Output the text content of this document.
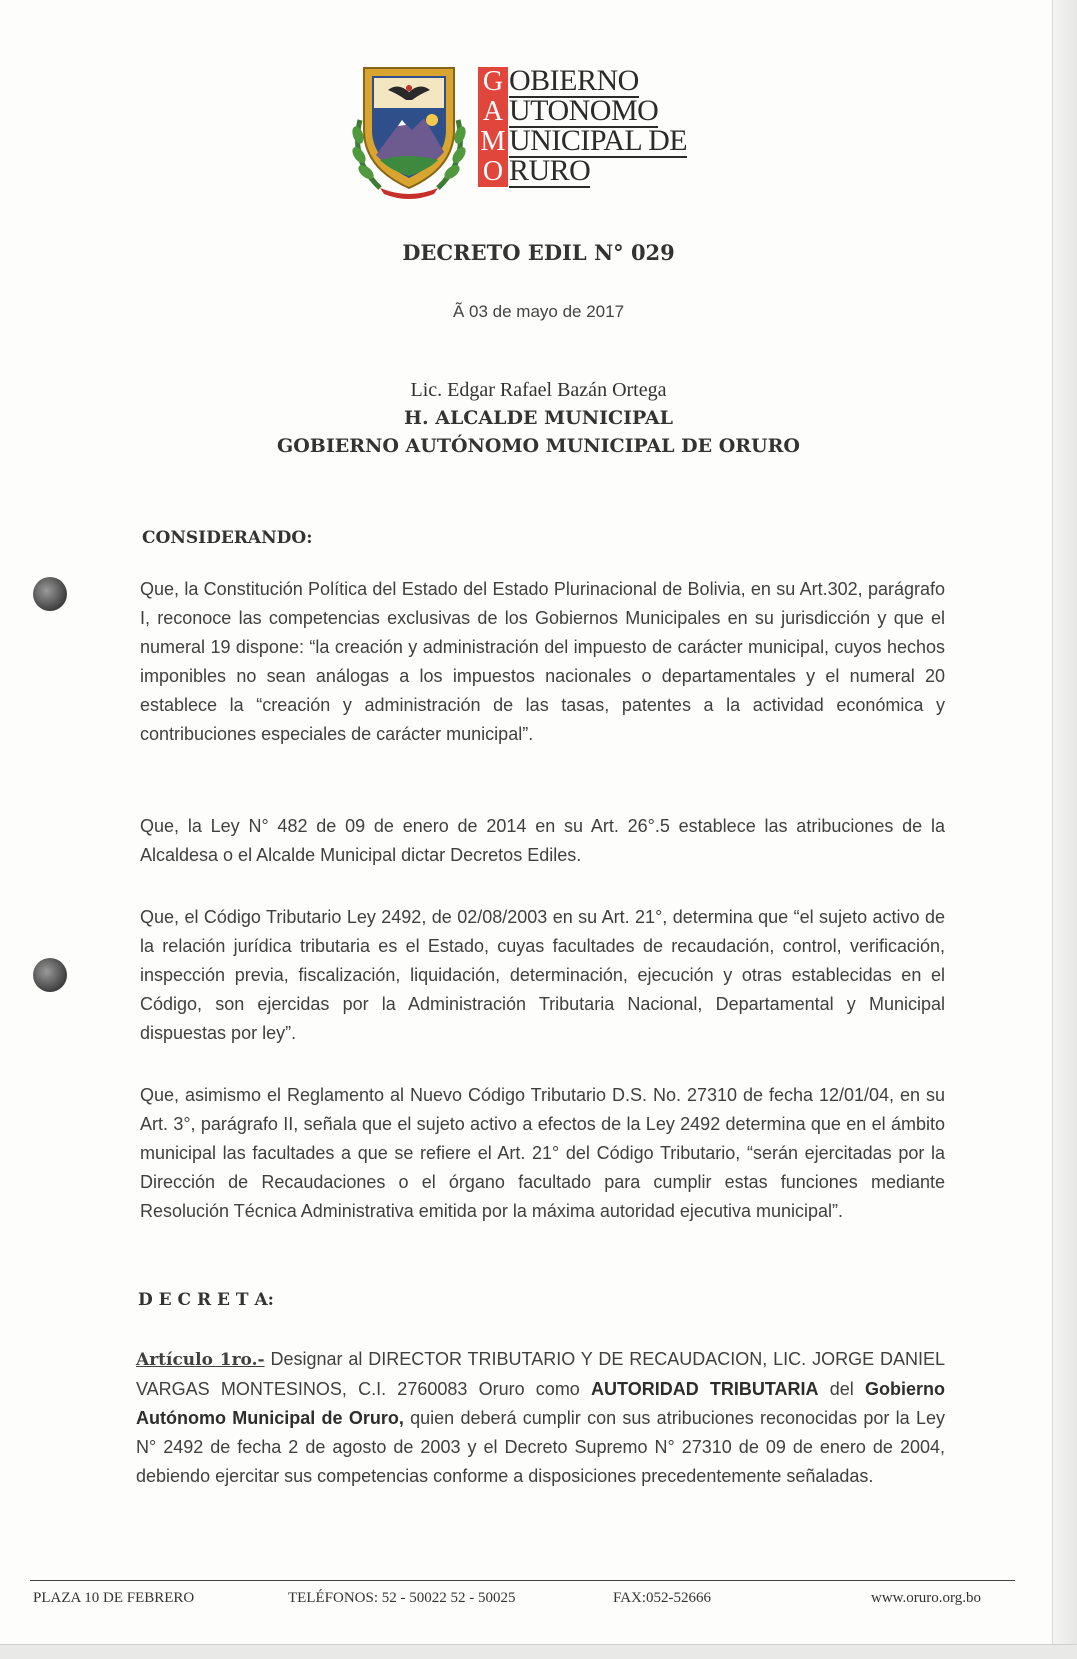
G OBIERNO
A UTONOMO
M UNICIPAL DE
O RURO
DECRETO EDIL N° 029
Ã 03 de mayo de 2017
Lic. Edgar Rafael Bazán Ortega
H. ALCALDE MUNICIPAL
GOBIERNO AUTÓNOMO MUNICIPAL DE ORURO
CONSIDERANDO:

Que, la Constitución Política del Estado del Estado Plurinacional de Bolivia, en su Art.302, parágrafo I, reconoce las competencias exclusivas de los Gobiernos Municipales en su jurisdicción y que el numeral 19 dispone: “la creación y administración del impuesto de carácter municipal, cuyos hechos imponibles no sean análogas a los impuestos nacionales o departamentales y el numeral 20 establece la “creación y administración de las tasas, patentes a la actividad económica y contribuciones especiales de carácter municipal”.

Que, la Ley N° 482 de 09 de enero de 2014 en su Art. 26°.5 establece las atribuciones de la Alcaldesa o el Alcalde Municipal dictar Decretos Ediles.

Que, el Código Tributario Ley 2492, de 02/08/2003 en su Art. 21°, determina que “el sujeto activo de la relación jurídica tributaria es el Estado, cuyas facultades de recaudación, control, verificación, inspección previa, fiscalización, liquidación, determinación, ejecución y otras establecidas en el Código, son ejercidas por la Administración Tributaria Nacional, Departamental y Municipal dispuestas por ley”.

Que, asimismo el Reglamento al Nuevo Código Tributario D.S. No. 27310 de fecha 12/01/04, en su Art. 3°, parágrafo II, señala que el sujeto activo a efectos de la Ley 2492 determina que en el ámbito municipal las facultades a que se refiere el Art. 21° del Código Tributario, “serán ejercitadas por la Dirección de Recaudaciones o el órgano facultado para cumplir estas funciones mediante Resolución Técnica Administrativa emitida por la máxima autoridad ejecutiva municipal”.

D E C R E T A:

Artículo 1ro.- Designar al DIRECTOR TRIBUTARIO Y DE RECAUDACION, LIC. JORGE DANIEL VARGAS MONTESINOS, C.I. 2760083 Oruro como AUTORIDAD TRIBUTARIA del Gobierno Autónomo Municipal de Oruro, quien deberá cumplir con sus atribuciones reconocidas por la Ley N° 2492 de fecha 2 de agosto de 2003 y el Decreto Supremo N° 27310 de 09 de enero de 2004, debiendo ejercitar sus competencias conforme a disposiciones precedentemente señaladas.

PLAZA 10 DE FEBRERO	TELÉFONOS: 52 - 50022 52 - 50025	FAX:052-52666	www.oruro.org.bo
